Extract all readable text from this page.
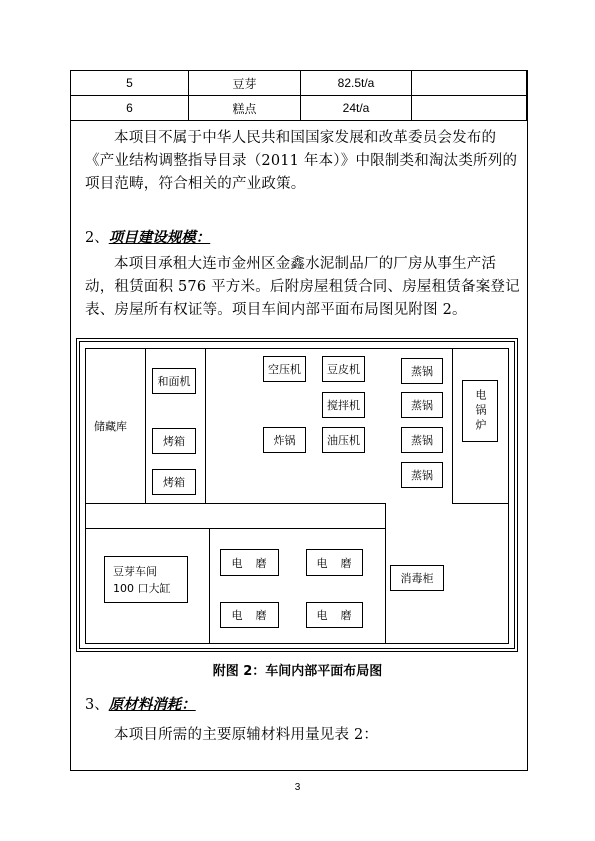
5	豆芽	82.5t/a	
6	糕点	24t/a	
本项目不属于中华人民共和国国家发展和改革委员会发布的《产业结构调整指导目录（2011 年本）》中限制类和淘汰类所列的项目范畴，符合相关的产业政策。
2、项目建设规模：
本项目承租大连市金州区金鑫水泥制品厂的厂房从事生产活动，租赁面积 576 平方米。后附房屋租赁合同、房屋租赁备案登记表、房屋所有权证等。项目车间内部平面布局图见附图 2。
储藏库
和面机
烤箱
烤箱
空压机	豆皮机
搅拌机
炸锅	油压机
蒸锅
蒸锅
蒸锅
蒸锅
电锅炉
豆芽车间
100 口大缸
电　磨	电　磨
电　磨	电　磨
消毒柜
附图 2：车间内部平面布局图
3、原材料消耗：
本项目所需的主要原辅材料用量见表 2：
3
